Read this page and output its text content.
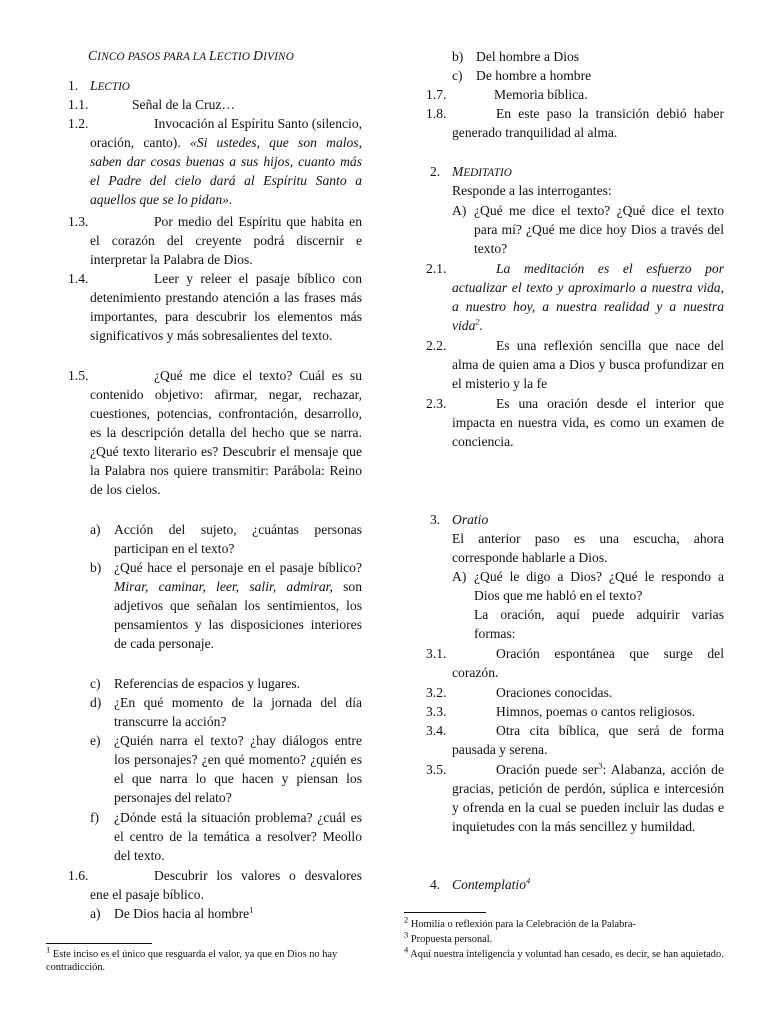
CINCO PASOS PARA LA LECTIO DIVINO
1. LECTIO
1.1.	Señal de la Cruz…
1.2.	Invocación al Espíritu Santo (silencio, oración, canto). «Si ustedes, que son malos, saben dar cosas buenas a sus hijos, cuanto más el Padre del cielo dará al Espíritu Santo a aquellos que se lo pidan».
1.3.	Por medio del Espíritu que habita en el corazón del creyente podrá discernir e interpretar la Palabra de Dios.
1.4.	Leer y releer el pasaje bíblico con detenimiento prestando atención a las frases más importantes, para descubrir los elementos más significativos y más sobresalientes del texto.
1.5.	¿Qué me dice el texto? Cuál es su contenido objetivo: afirmar, negar, rechazar, cuestiones, potencias, confrontación, desarrollo, es la descripción detalla del hecho que se narra. ¿Qué texto literario es? Descubrir el mensaje que la Palabra nos quiere transmitir: Parábola: Reino de los cielos.
a) Acción del sujeto, ¿cuántas personas participan en el texto?
b) ¿Qué hace el personaje en el pasaje bíblico? Mirar, caminar, leer, salir, admirar, son adjetivos que señalan los sentimientos, los pensamientos y las disposiciones interiores de cada personaje.
c) Referencias de espacios y lugares.
d) ¿En qué momento de la jornada del día transcurre la acción?
e) ¿Quién narra el texto? ¿hay diálogos entre los personajes? ¿en qué momento? ¿quién es el que narra lo que hacen y piensan los personajes del relato?
f) ¿Dónde está la situación problema? ¿cuál es el centro de la temática a resolver? Meollo del texto.
1.6.	Descubrir los valores o desvalores ene el pasaje bíblico.
a) De Dios hacia al hombre$^1$
$^1$ Este inciso es el único que resguarda el valor, ya que en Dios no hay contradicción.
b) Del hombre a Dios
c) De hombre a hombre
1.7.	Memoria bíblica.
1.8.	En este paso la transición debió haber generado tranquilidad al alma.
2. MEDITATIO
Responde a las interrogantes:
A) ¿Qué me dice el texto? ¿Qué dice el texto para mí? ¿Qué me dice hoy Dios a través del texto?
2.1.	La meditación es el esfuerzo por actualizar el texto y aproximarlo a nuestra vida, a nuestro hoy, a nuestra realidad y a nuestra vida$^2$.
2.2.	Es una reflexión sencilla que nace del alma de quien ama a Dios y busca profundizar en el misterio y la fe
2.3.	Es una oración desde el interior que impacta en nuestra vida, es como un examen de conciencia.
3. Oratio
El anterior paso es una escucha, ahora corresponde hablarle a Dios.
A) ¿Qué le digo a Dios? ¿Qué le respondo a Dios que me habló en el texto?
La oración, aquí puede adquirir varias formas:
3.1.	Oración espontánea que surge del corazón.
3.2.	Oraciones conocidas.
3.3.	Himnos, poemas o cantos religiosos.
3.4.	Otra cita bíblica, que será de forma pausada y serena.
3.5.	Oración puede ser$^3$: Alabanza, acción de gracias, petición de perdón, súplica e intercesión y ofrenda en la cual se pueden incluir las dudas e inquietudes con la más sencillez y humildad.
4. Contemplatio$^4$
$^2$ Homilía o reflexión para la Celebración de la Palabra-
$^3$ Propuesta personal.
$^4$ Aquí nuestra inteligencia y voluntad han cesado, es decir, se han aquietado.
